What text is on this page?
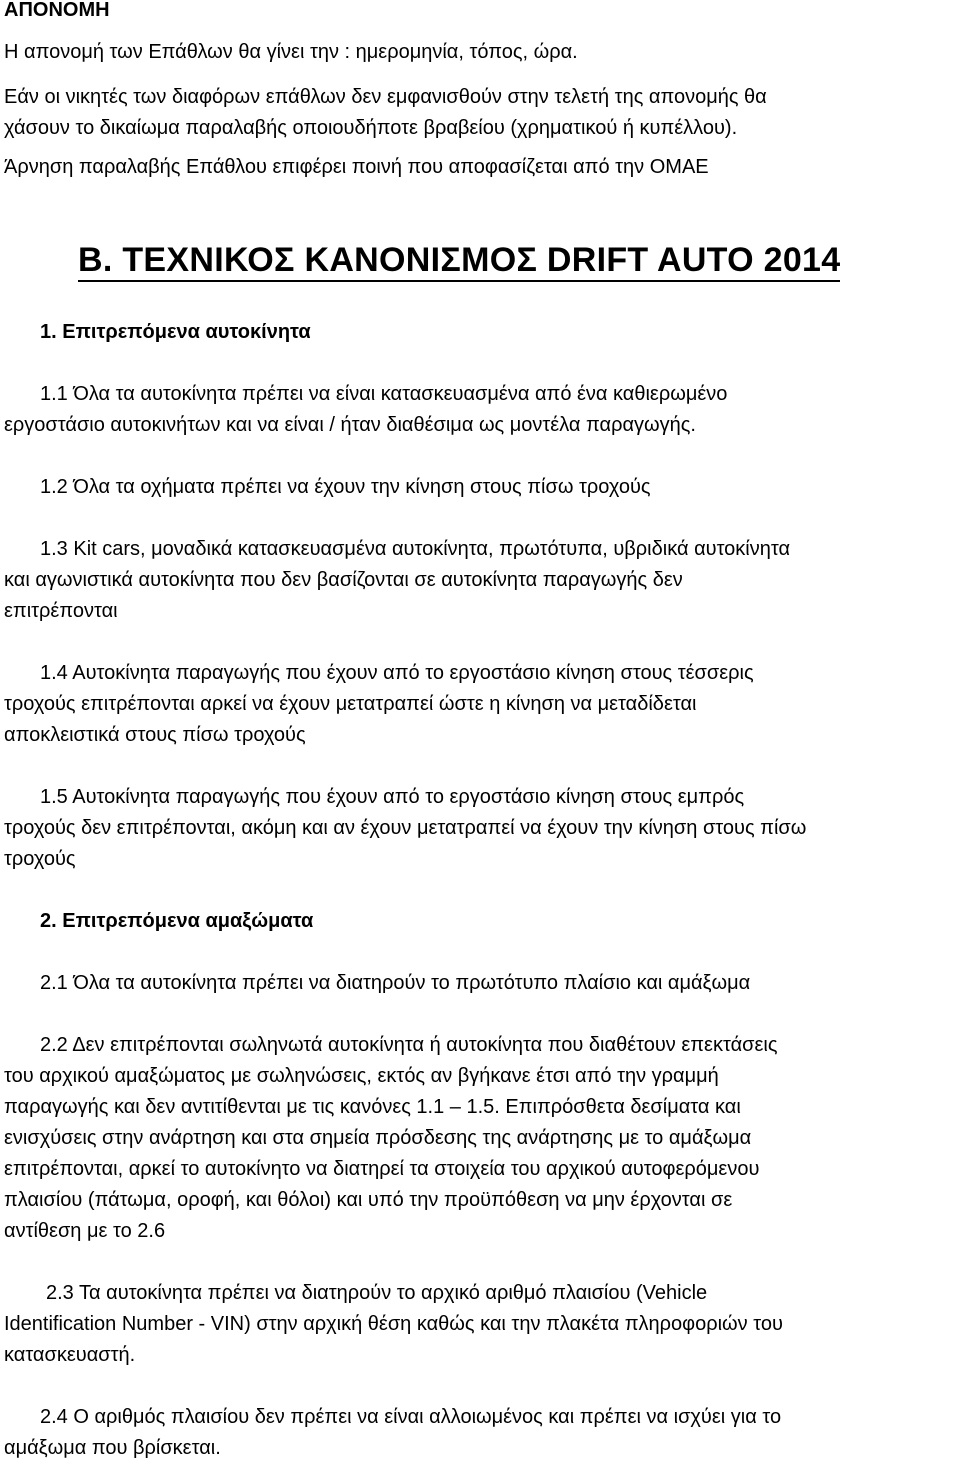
ΑΠΟΝΟΜΗ
Η απονομή των Επάθλων θα γίνει την : ημερομηνία, τόπος, ώρα.
Εάν οι νικητές των διαφόρων επάθλων δεν εμφανισθούν στην τελετή της απονομής θα
χάσουν το δικαίωμα παραλαβής οποιουδήποτε βραβείου (χρηματικού ή κυπέλλου).
Άρνηση παραλαβής Επάθλου επιφέρει ποινή που αποφασίζεται από την ΟΜΑΕ
Β. ΤΕΧΝΙΚΟΣ ΚΑΝΟΝΙΣΜΟΣ DRIFT AUTO 2014
1. Επιτρεπόμενα αυτοκίνητα
1.1 Όλα τα αυτοκίνητα πρέπει να είναι κατασκευασμένα από ένα καθιερωμένο
εργοστάσιο αυτοκινήτων και να είναι / ήταν διαθέσιμα ως μοντέλα παραγωγής.
1.2 Όλα τα οχήματα πρέπει να έχουν την κίνηση στους πίσω τροχούς
1.3 Kit cars, μοναδικά κατασκευασμένα αυτοκίνητα, πρωτότυπα, υβριδικά αυτοκίνητα
και αγωνιστικά αυτοκίνητα που δεν βασίζονται σε αυτοκίνητα παραγωγής δεν
επιτρέπονται
1.4 Αυτοκίνητα παραγωγής που έχουν από το εργοστάσιο κίνηση στους τέσσερις
τροχούς επιτρέπονται αρκεί να έχουν μετατραπεί ώστε η κίνηση να μεταδίδεται
αποκλειστικά στους πίσω τροχούς
1.5 Αυτοκίνητα παραγωγής που έχουν από το εργοστάσιο κίνηση στους εμπρός
τροχούς δεν επιτρέπονται, ακόμη και αν έχουν μετατραπεί να έχουν την κίνηση στους πίσω
τροχούς
2. Επιτρεπόμενα αμαξώματα
2.1 Όλα τα αυτοκίνητα πρέπει να διατηρούν το πρωτότυπο πλαίσιο και αμάξωμα
2.2 Δεν επιτρέπονται σωληνωτά αυτοκίνητα ή αυτοκίνητα που διαθέτουν επεκτάσεις
του αρχικού αμαξώματος με σωληνώσεις, εκτός αν βγήκανε έτσι από την γραμμή
παραγωγής και δεν αντιτίθενται με τις κανόνες 1.1 – 1.5. Επιπρόσθετα δεσίματα και
ενισχύσεις στην ανάρτηση και στα σημεία πρόσδεσης της ανάρτησης με το αμάξωμα
επιτρέπονται, αρκεί το αυτοκίνητο να διατηρεί τα στοιχεία του αρχικού αυτοφερόμενου
πλαισίου (πάτωμα, οροφή, και θόλοι) και υπό την προϋπόθεση να μην έρχονται σε
αντίθεση με το 2.6
2.3 Τα αυτοκίνητα πρέπει να διατηρούν το αρχικό αριθμό πλαισίου (Vehicle
Identification Number - VIN) στην αρχική θέση καθώς και την πλακέτα πληροφοριών του
κατασκευαστή.
2.4 Ο αριθμός πλαισίου δεν πρέπει να είναι αλλοιωμένος και πρέπει να ισχύει για το
αμάξωμα που βρίσκεται.
